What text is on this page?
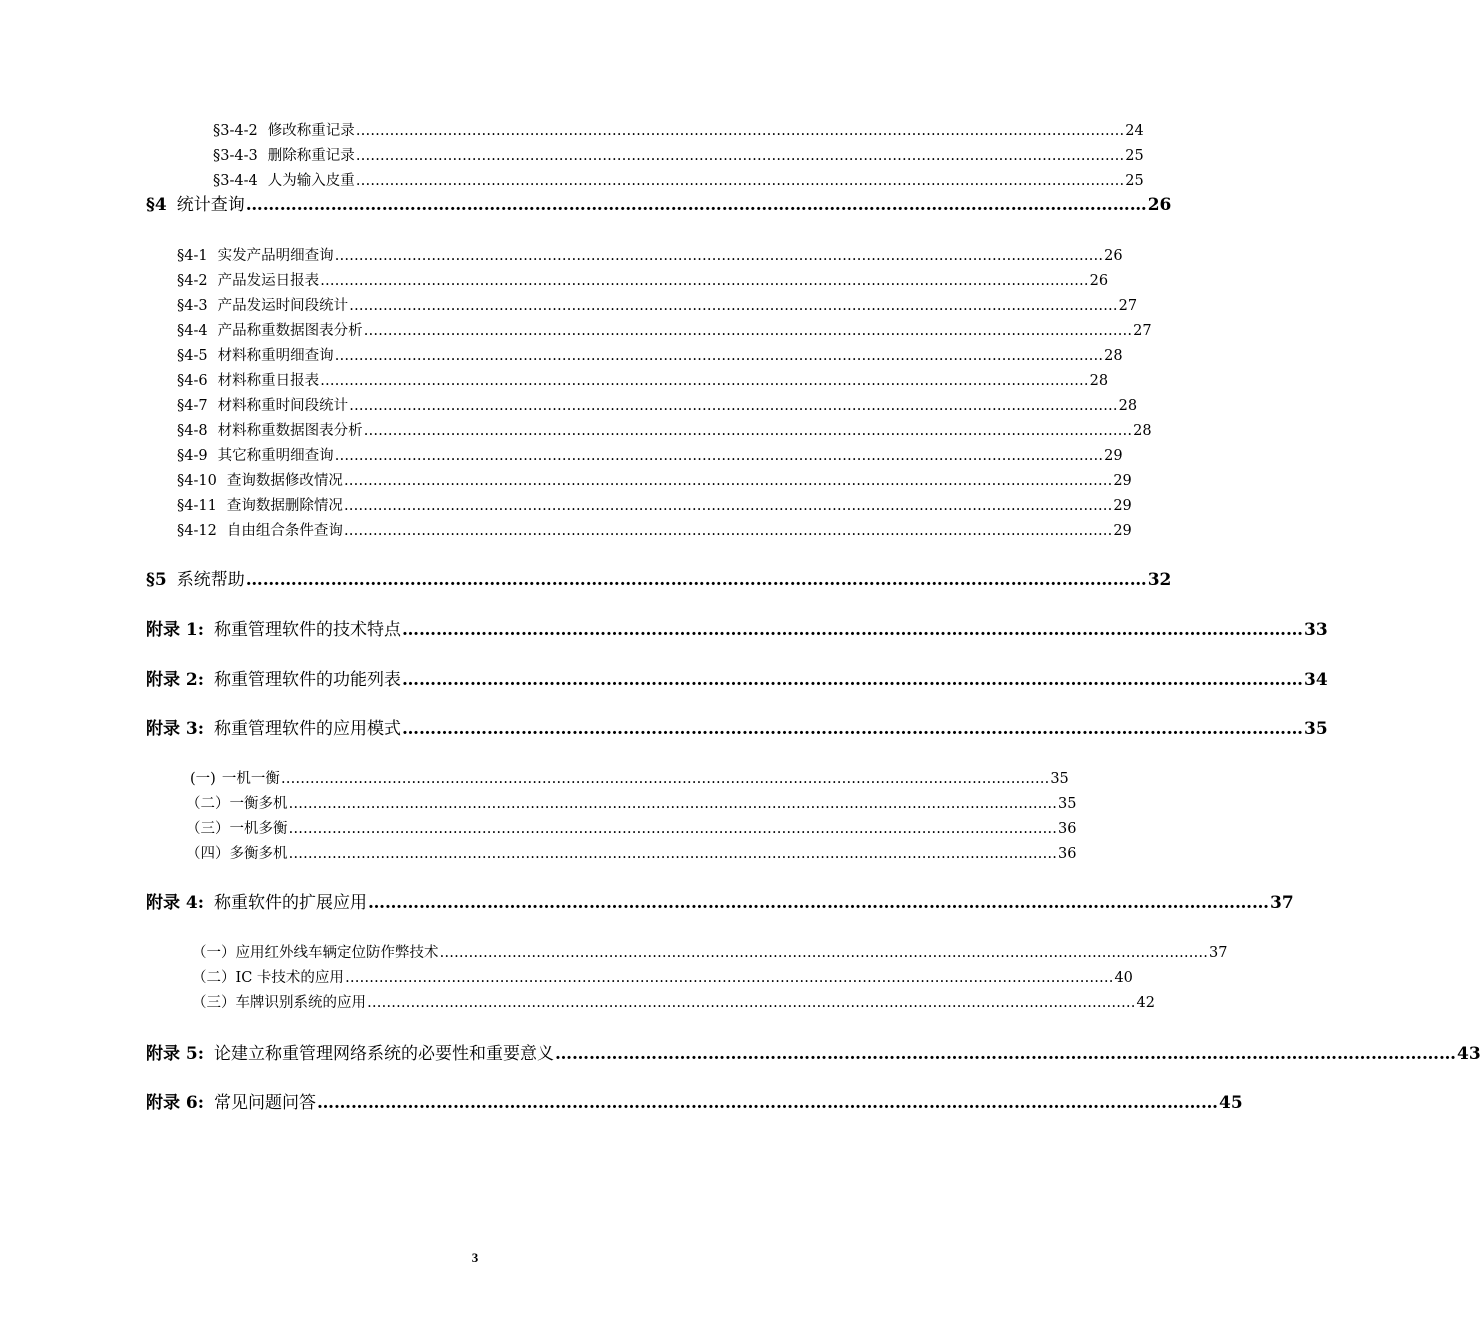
§3-4-2 修改称重记录 …………………………………………………………………………………………………………………………………………… 24
§3-4-3 删除称重记录 …………………………………………………………………………………………………………………………………………… 25
§3-4-4 人为输入皮重 …………………………………………………………………………………………………………………………………………… 25
§4 统计查询 …………………………………………………………………………………………………………………………………………… 26
§4-1 实发产品明细查询 …………………………………………………………………………………………………………………………………………… 26
§4-2 产品发运日报表 …………………………………………………………………………………………………………………………………………… 26
§4-3 产品发运时间段统计 …………………………………………………………………………………………………………………………………………… 27
§4-4 产品称重数据图表分析 …………………………………………………………………………………………………………………………………………… 27
§4-5 材料称重明细查询 …………………………………………………………………………………………………………………………………………… 28
§4-6 材料称重日报表 …………………………………………………………………………………………………………………………………………… 28
§4-7 材料称重时间段统计 …………………………………………………………………………………………………………………………………………… 28
§4-8 材料称重数据图表分析 …………………………………………………………………………………………………………………………………………… 28
§4-9 其它称重明细查询 …………………………………………………………………………………………………………………………………………… 29
§4-10 查询数据修改情况 …………………………………………………………………………………………………………………………………………… 29
§4-11 查询数据删除情况 …………………………………………………………………………………………………………………………………………… 29
§4-12 自由组合条件查询 …………………………………………………………………………………………………………………………………………… 29
§5 系统帮助 …………………………………………………………………………………………………………………………………………… 32
附录 1: 称重管理软件的技术特点 …………………………………………………………………………………………………………………………………………… 33
附录 2: 称重管理软件的功能列表 …………………………………………………………………………………………………………………………………………… 34
附录 3: 称重管理软件的应用模式 …………………………………………………………………………………………………………………………………………… 35
(一) 一机一衡 …………………………………………………………………………………………………………………………………………… 35
（二） 一衡多机 …………………………………………………………………………………………………………………………………………… 35
（三） 一机多衡 …………………………………………………………………………………………………………………………………………… 36
（四） 多衡多机 …………………………………………………………………………………………………………………………………………… 36
附录 4: 称重软件的扩展应用 …………………………………………………………………………………………………………………………………………… 37
（一） 应用红外线车辆定位防作弊技术 …………………………………………………………………………………………………………………………………………… 37
（二） IC 卡技术的应用 …………………………………………………………………………………………………………………………………………… 40
（三） 车牌识别系统的应用 …………………………………………………………………………………………………………………………………………… 42
附录 5: 论建立称重管理网络系统的必要性和重要意义 …………………………………………………………………………………………………………………………………………… 43
附录 6: 常见问题问答 …………………………………………………………………………………………………………………………………………… 45
3
